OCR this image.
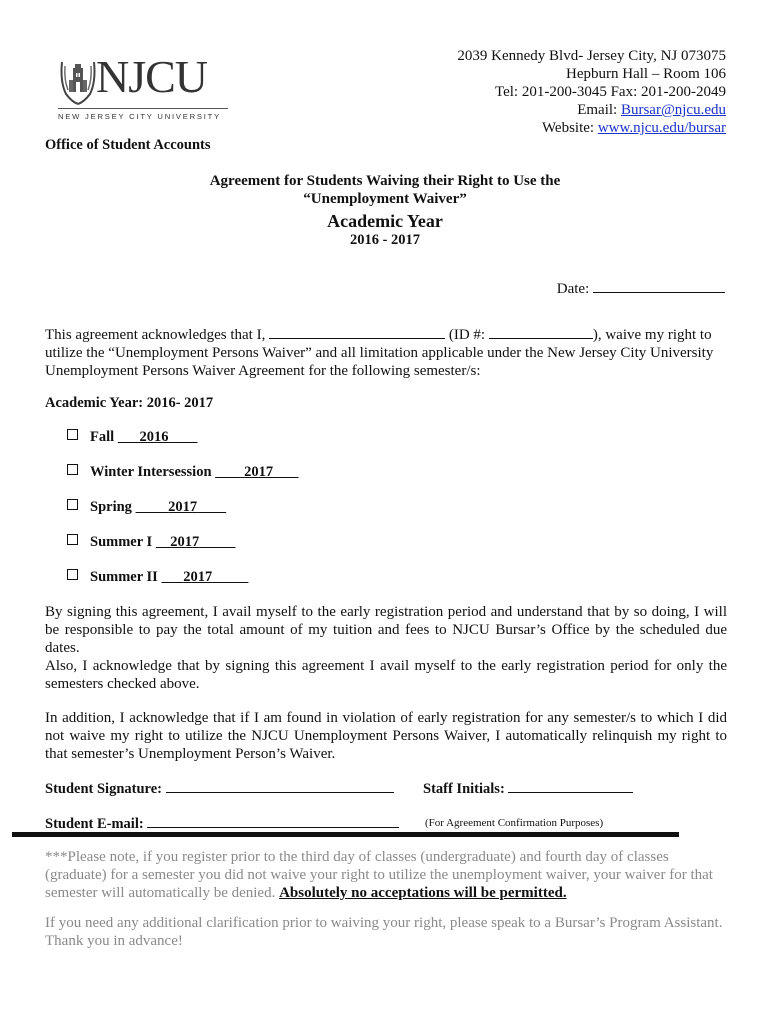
NJCU
NEW JERSEY CITY UNIVERSITY
2039 Kennedy Blvd- Jersey City, NJ 073075
Hepburn Hall – Room 106
Tel: 201-200-3045 Fax: 201-200-2049
Email: Bursar@njcu.edu
Website: www.njcu.edu/bursar
Office of Student Accounts
Agreement for Students Waiving their Right to Use the
“Unemployment Waiver”
Academic Year
2016 - 2017
Date:
This agreement acknowledges that I,	(ID #:	), waive my right to utilize the “Unemployment Persons Waiver” and all limitation applicable under the New Jersey City University Unemployment Persons Waiver Agreement for the following semester/s:
Academic Year: 2016- 2017
Fall       2016
Winter Intersession         2017
Spring          2017
Summer I     2017
Summer II       2017
By signing this agreement, I avail myself to the early registration period and understand that by so doing, I will be responsible to pay the total amount of my tuition and fees to NJCU Bursar’s Office by the scheduled due dates.
Also, I acknowledge that by signing this agreement I avail myself to the early registration period for only the semesters checked above.
In addition, I acknowledge that if I am found in violation of early registration for any semester/s to which I did not waive my right to utilize the NJCU Unemployment Persons Waiver, I automatically relinquish my right to that semester’s Unemployment Person’s Waiver.
Student Signature:	Staff Initials:
Student E-mail:	(For Agreement Confirmation Purposes)
***Please note, if you register prior to the third day of classes (undergraduate) and fourth day of classes (graduate) for a semester you did not waive your right to utilize the unemployment waiver, your waiver for that semester will automatically be denied. Absolutely no acceptations will be permitted.
If you need any additional clarification prior to waiving your right, please speak to a Bursar’s Program Assistant. Thank you in advance!
